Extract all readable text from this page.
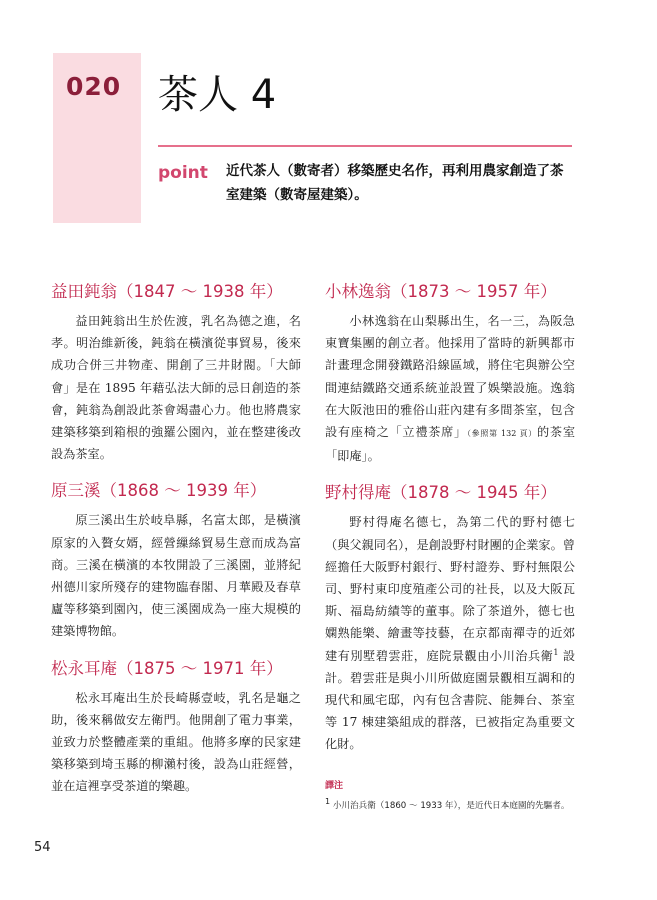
020 茶人 4
point 近代茶人（數寄者）移築歷史名作，再利用農家創造了茶室建築（數寄屋建築）。
益田鈍翁（1847 ～ 1938 年）

益田鈍翁出生於佐渡，乳名為德之進，名孝。明治維新後，鈍翁在橫濱從事貿易，後來成功合併三井物產、開創了三井財閥。「大師會」是在 1895 年藉弘法大師的忌日創造的茶會，鈍翁為創設此茶會竭盡心力。他也將農家建築移築到箱根的強羅公園內，並在整建後改設為茶室。

原三溪（1868 ～ 1939 年）

原三溪出生於岐阜縣，名富太郎，是橫濱原家的入贅女婿，經營繅絲貿易生意而成為富商。三溪在橫濱的本牧開設了三溪園，並將紀州德川家所殘存的建物臨春閣、月華殿及春草廬等移築到園內，使三溪園成為一座大規模的建築博物館。

松永耳庵（1875 ～ 1971 年）

松永耳庵出生於長崎縣壹岐，乳名是龜之助，後來稱做安左衛門。他開創了電力事業，並致力於整體產業的重組。他將多摩的民家建築移築到埼玉縣的柳瀨村後，設為山莊經營，並在這裡享受茶道的樂趣。

小林逸翁（1873 ～ 1957 年）

小林逸翁在山梨縣出生，名一三，為阪急東寶集團的創立者。他採用了當時的新興都市計畫理念開發鐵路沿線區域，將住宅與辦公空間連結鐵路交通系統並設置了娛樂設施。逸翁在大阪池田的雅俗山莊內建有多間茶室，包含設有座椅之「立禮茶席」（參照第 132 頁）的茶室「即庵」。

野村得庵（1878 ～ 1945 年）

野村得庵名德七，為第二代的野村德七（與父親同名），是創設野村財團的企業家。曾經擔任大阪野村銀行、野村證券、野村無限公司、野村東印度殖產公司的社長，以及大阪瓦斯、福島紡績等的董事。除了茶道外，德七也嫻熟能樂、繪畫等技藝，在京都南禪寺的近郊建有別墅碧雲莊，庭院景觀由小川治兵衛$^1$ 設計。碧雲莊是與小川所做庭園景觀相互調和的現代和風宅邸，內有包含書院、能舞台、茶室等 17 棟建築組成的群落，已被指定為重要文化財。

譯注
1 小川治兵衛（1860 ～ 1933 年），是近代日本庭園的先驅者。
54
